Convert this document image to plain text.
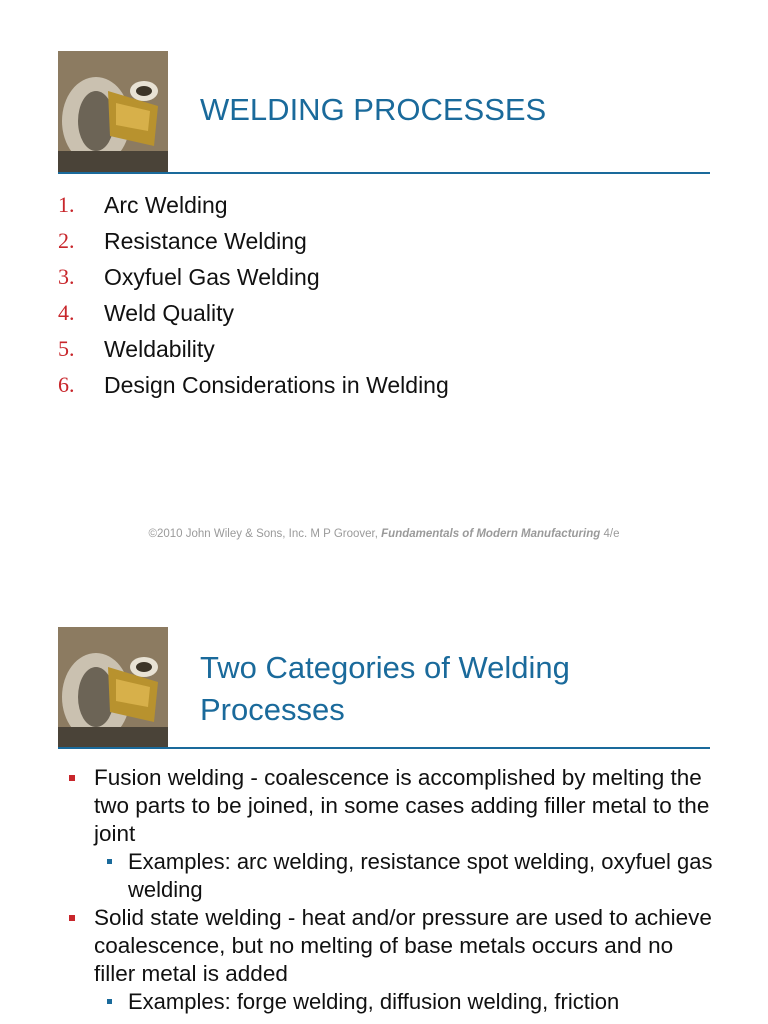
WELDING PROCESSES
1.	Arc Welding
2.	Resistance Welding
3.	Oxyfuel Gas Welding
4.	Weld Quality
5.	Weldability
6.	Design Considerations in Welding
©2010 John Wiley & Sons, Inc. M P Groover, Fundamentals of Modern Manufacturing 4/e
Two Categories of Welding Processes
Fusion welding - coalescence is accomplished by melting the two parts to be joined, in some cases adding filler metal to the joint
Examples: arc welding, resistance spot welding, oxyfuel gas welding
Solid state welding - heat and/or pressure are used to achieve coalescence, but no melting of base metals occurs and no filler metal is added
Examples: forge welding, diffusion welding, friction
